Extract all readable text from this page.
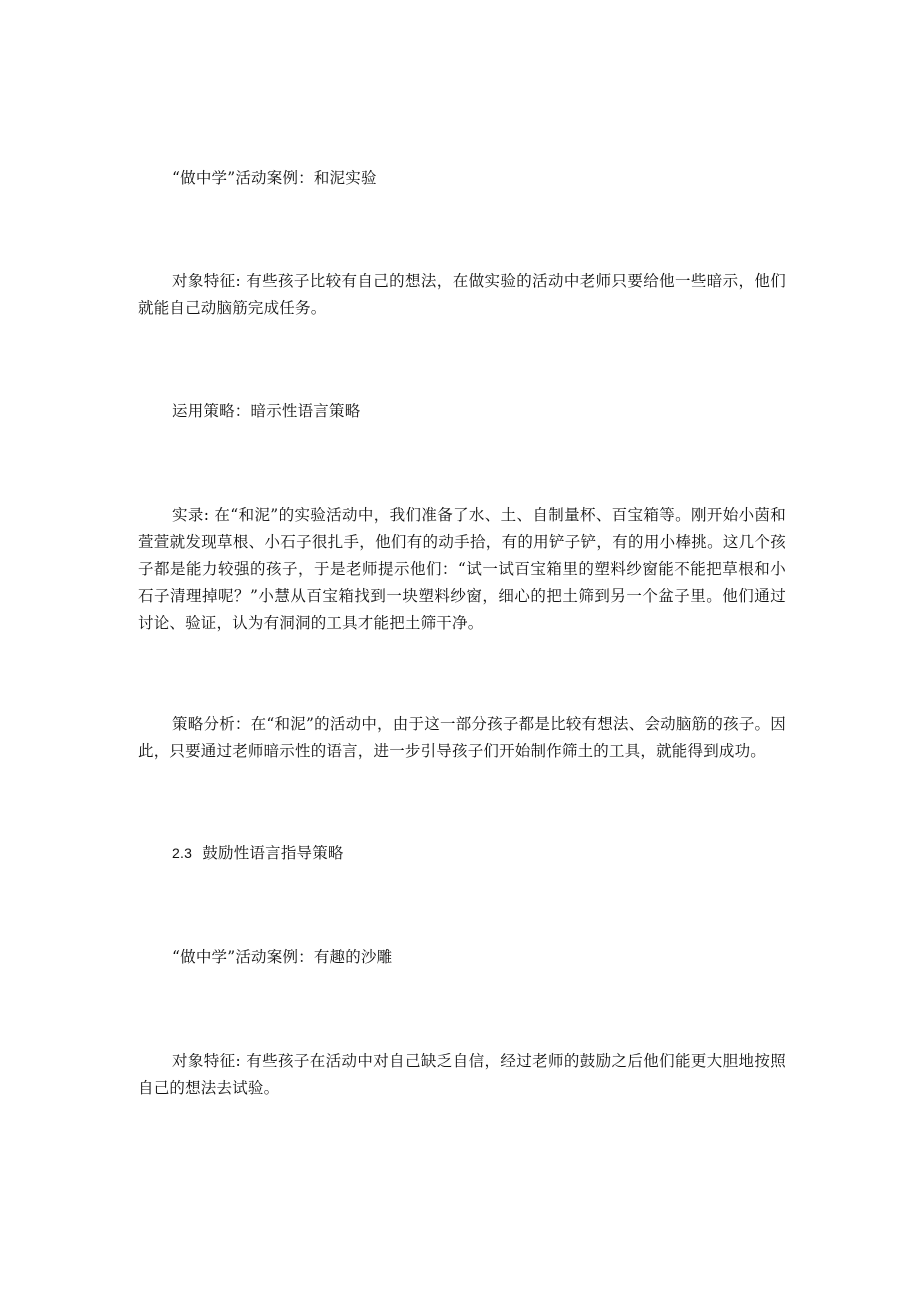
“做中学”活动案例：和泥实验

对象特征: 有些孩子比较有自己的想法，在做实验的活动中老师只要给他一些暗示，他们就能自己动脑筋完成任务。

运用策略：暗示性语言策略

实录: 在“和泥”的实验活动中，我们准备了水、土、自制量杯、百宝箱等。刚开始小茵和萱萱就发现草根、小石子很扎手，他们有的动手拾，有的用铲子铲，有的用小棒挑。这几个孩子都是能力较强的孩子，于是老师提示他们：“试一试百宝箱里的塑料纱窗能不能把草根和小石子清理掉呢？”小慧从百宝箱找到一块塑料纱窗，细心的把土筛到另一个盆子里。他们通过讨论、验证，认为有洞洞的工具才能把土筛干净。

策略分析：在“和泥”的活动中，由于这一部分孩子都是比较有想法、会动脑筋的孩子。因此，只要通过老师暗示性的语言，进一步引导孩子们开始制作筛土的工具，就能得到成功。

2.3 鼓励性语言指导策略

“做中学”活动案例：有趣的沙雕

对象特征: 有些孩子在活动中对自己缺乏自信，经过老师的鼓励之后他们能更大胆地按照自己的想法去试验。
